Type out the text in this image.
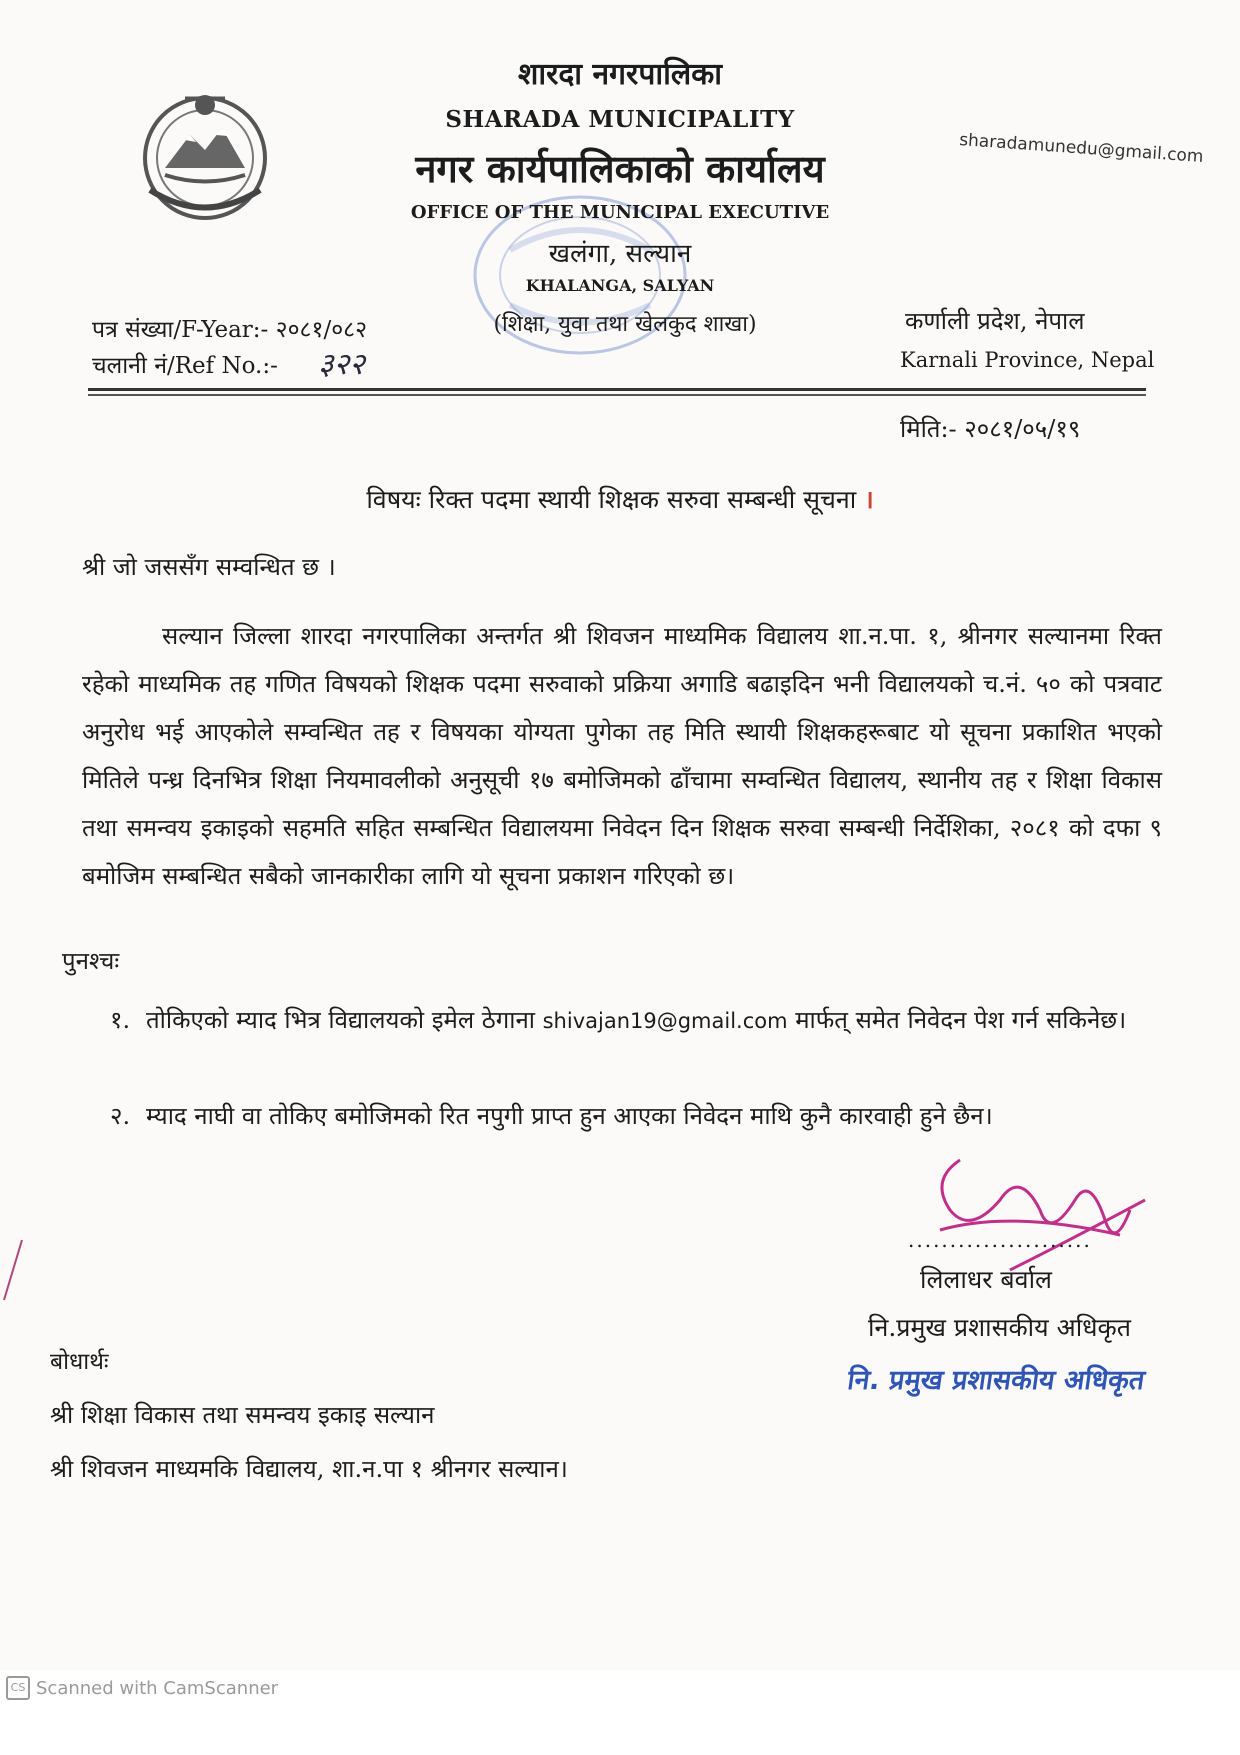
शारदा नगरपालिका
SHARADA MUNICIPALITY
नगर कार्यपालिकाको कार्यालय
OFFICE OF THE MUNICIPAL EXECUTIVE
खलंगा, सल्यान
KHALANGA, SALYAN
(शिक्षा, युवा तथा खेलकुद शाखा)
sharadamunedu@gmail.com
पत्र संख्या/F-Year:- २०८१/०८२
चलानी नं/Ref No.:- ३२२
कर्णाली प्रदेश, नेपाल
Karnali Province, Nepal
मिति:- २०८१/०५/१९
विषयः रिक्त पदमा स्थायी शिक्षक सरुवा सम्बन्धी सूचना ।
श्री जो जससँग सम्वन्धित छ ।
सल्यान जिल्ला शारदा नगरपालिका अन्तर्गत श्री शिवजन माध्यमिक विद्यालय शा.न.पा. १, श्रीनगर सल्यानमा रिक्त रहेको माध्यमिक तह गणित विषयको शिक्षक पदमा सरुवाको प्रक्रिया अगाडि बढाइदिन भनी विद्यालयको च.नं. ५० को पत्रवाट अनुरोध भई आएकोले सम्वन्धित तह र विषयका योग्यता पुगेका तह मिति स्थायी शिक्षकहरूबाट यो सूचना प्रकाशित भएको मितिले पन्ध्र दिनभित्र शिक्षा नियमावलीको अनुसूची १७ बमोजिमको ढाँचामा सम्वन्धित विद्यालय, स्थानीय तह र शिक्षा विकास तथा समन्वय इकाइको सहमति सहित सम्बन्धित विद्यालयमा निवेदन दिन शिक्षक सरुवा सम्बन्धी निर्देशिका, २०८१ को दफा ९ बमोजिम सम्बन्धित सबैको जानकारीका लागि यो सूचना प्रकाशन गरिएको छ।
पुनश्चः
१. तोकिएको म्याद भित्र विद्यालयको इमेल ठेगाना shivajan19@gmail.com मार्फत् समेत निवेदन पेश गर्न सकिनेछ।
२. म्याद नाघी वा तोकिए बमोजिमको रित नपुगी प्राप्त हुन आएका निवेदन माथि कुनै कारवाही हुने छैन।
......................
लिलाधर बर्वाल
नि.प्रमुख प्रशासकीय अधिकृत
नि. प्रमुख प्रशासकीय अधिकृत
बोधार्थः
श्री शिक्षा विकास तथा समन्वय इकाइ सल्यान
श्री शिवजन माध्यमकि विद्यालय, शा.न.पा १ श्रीनगर सल्यान।
CS Scanned with CamScanner
